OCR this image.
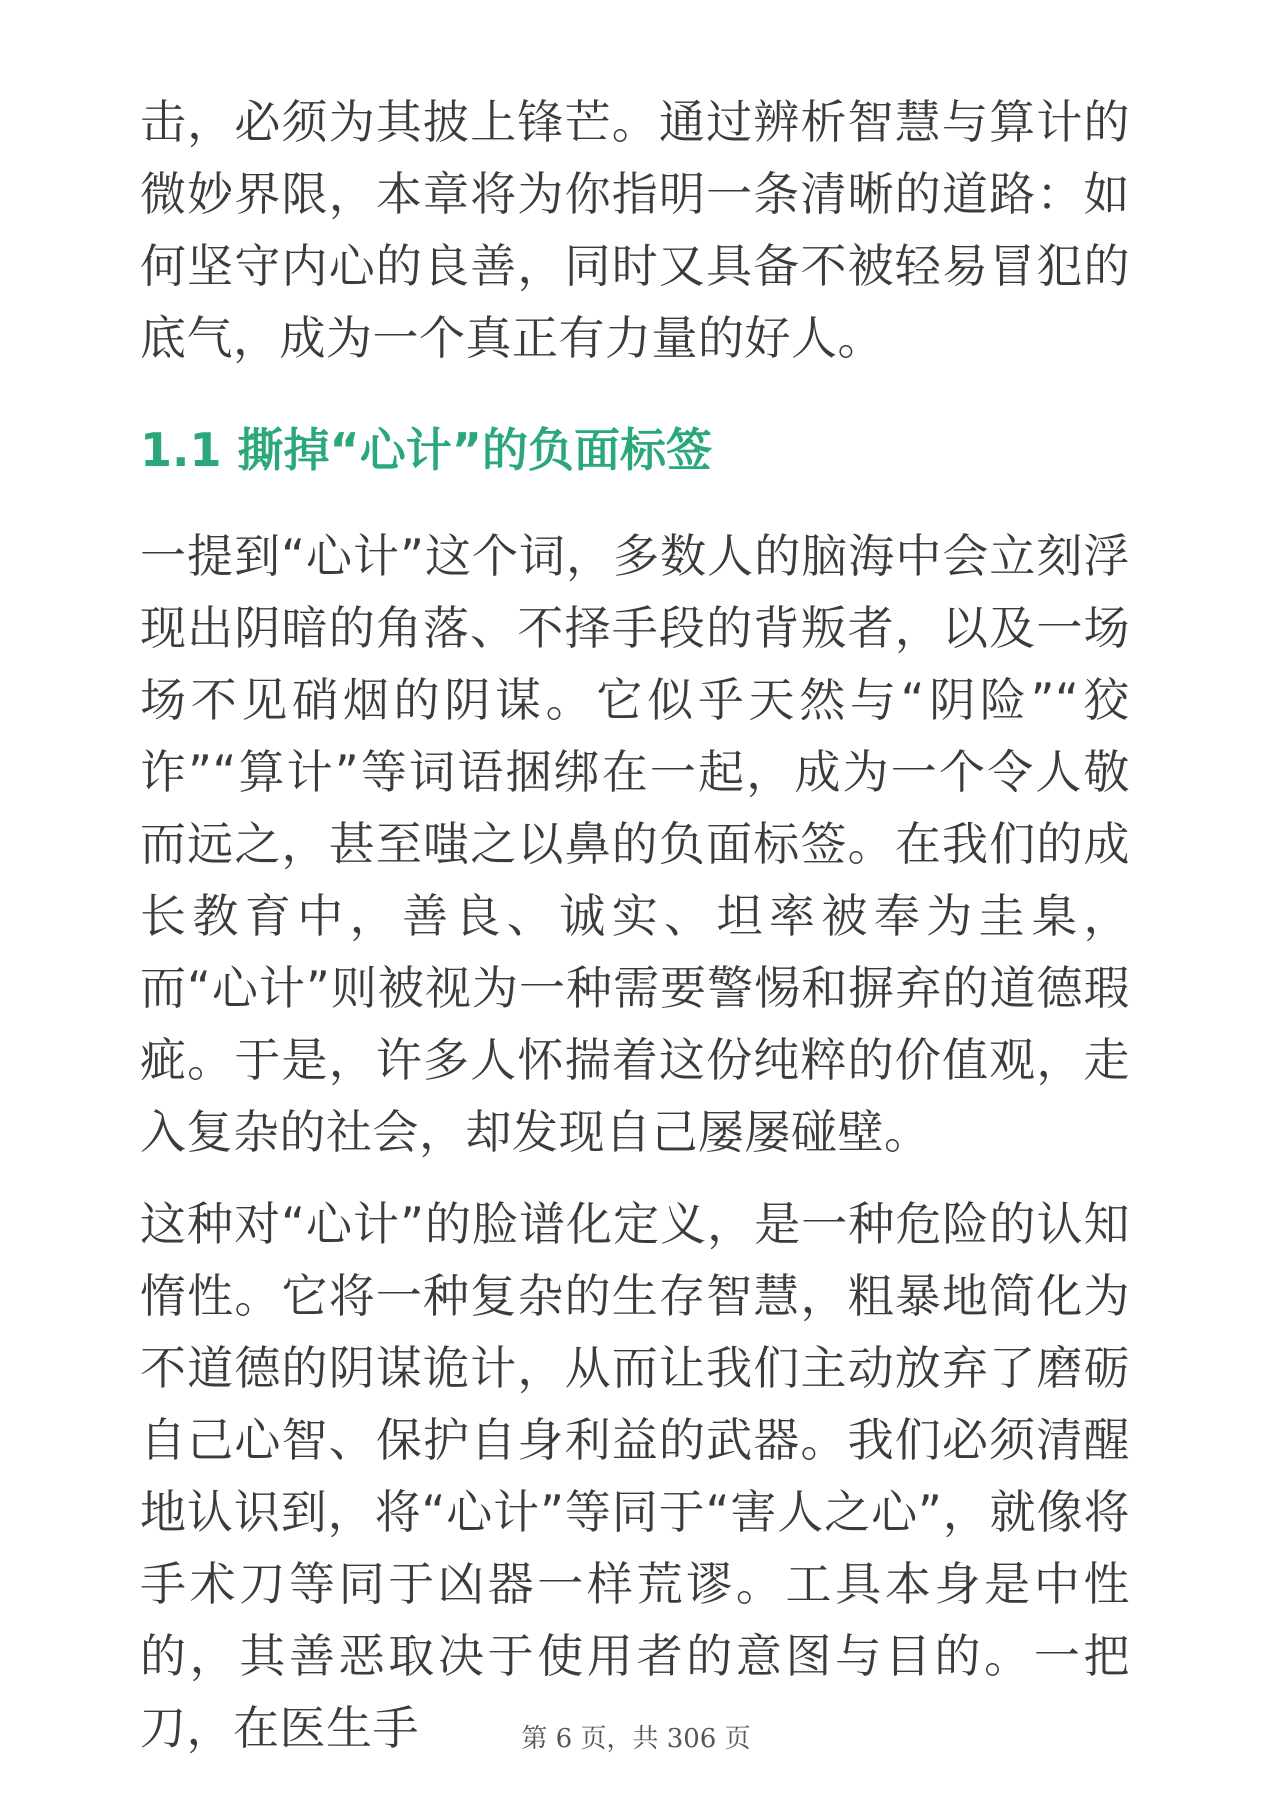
击，必须为其披上锋芒。通过辨析智慧与算计的微妙界限，本章将为你指明一条清晰的道路：如何坚守内心的良善，同时又具备不被轻易冒犯的底气，成为一个真正有力量的好人。

1.1 撕掉“心计”的负面标签

一提到“心计”这个词，多数人的脑海中会立刻浮现出阴暗的角落、不择手段的背叛者，以及一场场不见硝烟的阴谋。它似乎天然与“阴险”“狡诈”“算计”等词语捆绑在一起，成为一个令人敬而远之，甚至嗤之以鼻的负面标签。在我们的成长教育中，善良、诚实、坦率被奉为圭臬，而“心计”则被视为一种需要警惕和摒弃的道德瑕疵。于是，许多人怀揣着这份纯粹的价值观，走入复杂的社会，却发现自己屡屡碰壁。

这种对“心计”的脸谱化定义，是一种危险的认知惰性。它将一种复杂的生存智慧，粗暴地简化为不道德的阴谋诡计，从而让我们主动放弃了磨砺自己心智、保护自身利益的武器。我们必须清醒地认识到，将“心计”等同于“害人之心”，就像将手术刀等同于凶器一样荒谬。工具本身是中性的，其善恶取决于使用者的意图与目的。一把刀，在医生手	第 6 页，共 306 页
